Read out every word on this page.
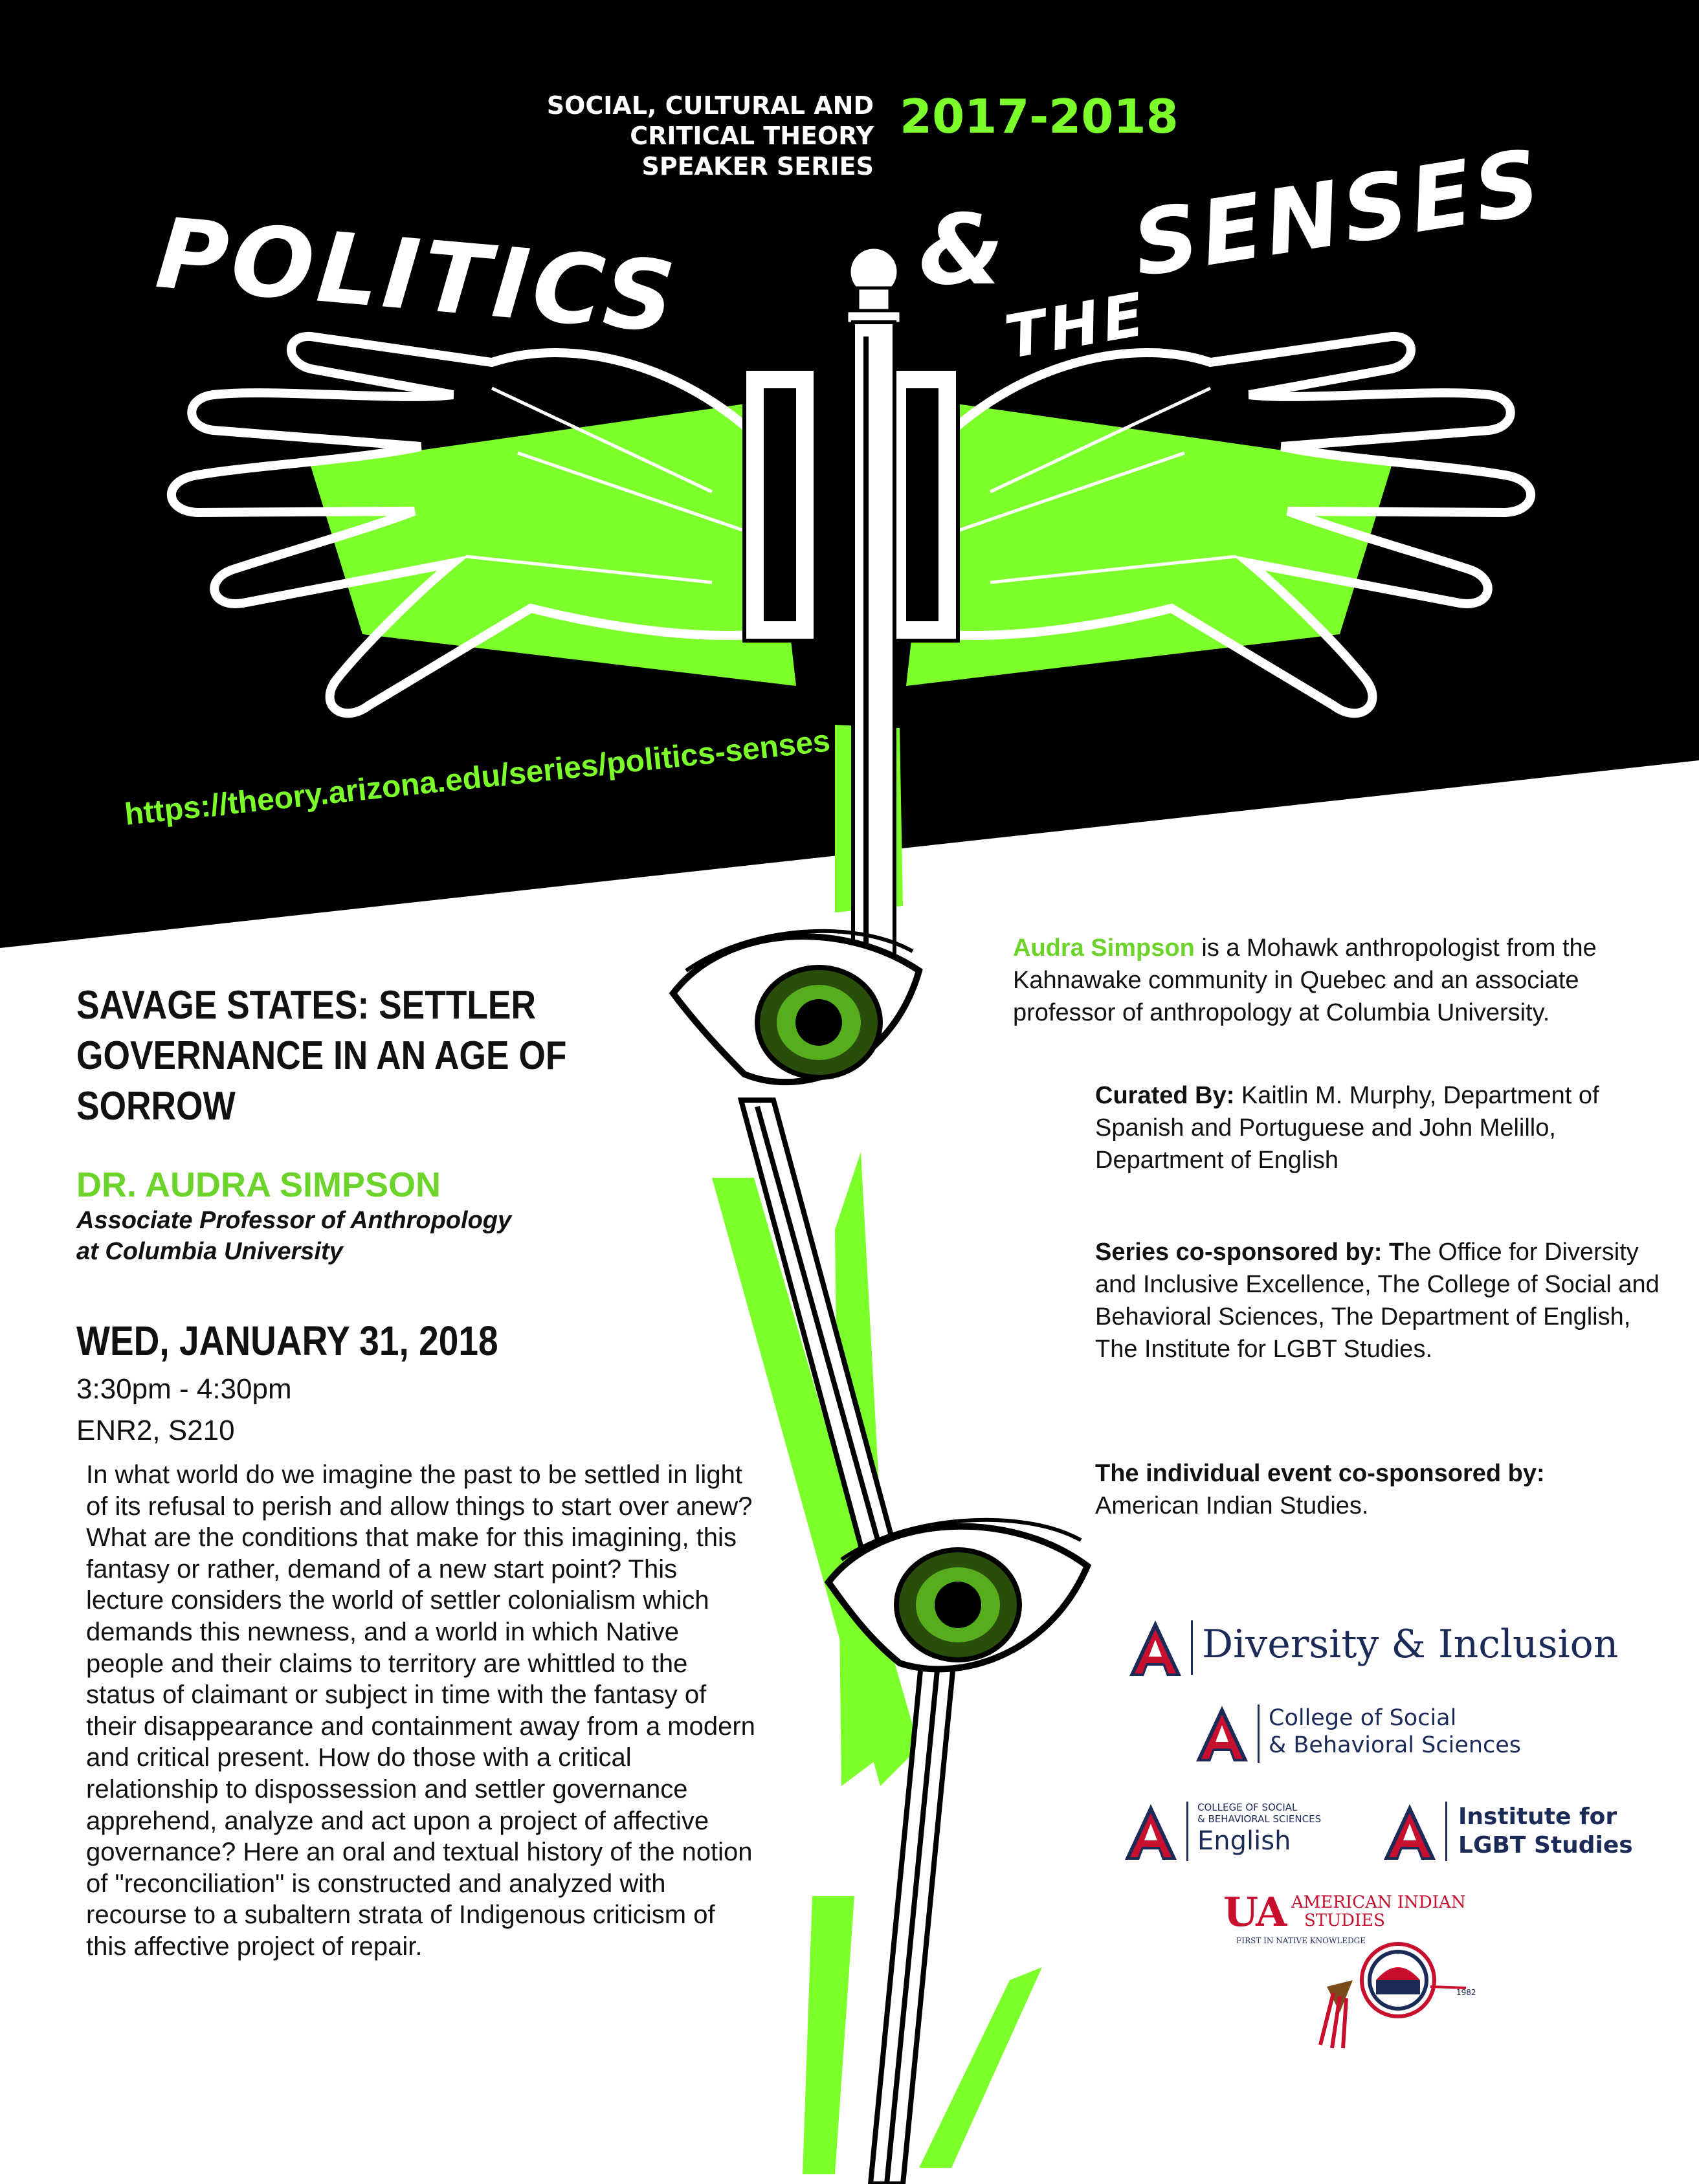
SOCIAL, CULTURAL AND
CRITICAL THEORY
SPEAKER SERIES
2017-2018
POLITICS &
THE
SENSES
https://theory.arizona.edu/series/politics-senses
SAVAGE STATES: SETTLER GOVERNANCE IN AN AGE OF SORROW
DR. AUDRA SIMPSON
Associate Professor of Anthropology
at Columbia University
WED, JANUARY 31, 2018
3:30pm - 4:30pm
ENR2, S210
In what world do we imagine the past to be settled in light of its refusal to perish and allow things to start over anew? What are the conditions that make for this imagining, this fantasy or rather, demand of a new start point? This lecture considers the world of settler colonialism which demands this newness, and a world in which Native people and their claims to territory are whittled to the status of claimant or subject in time with the fantasy of their disappearance and containment away from a modern and critical present. How do those with a critical relationship to dispossession and settler governance apprehend, analyze and act upon a project of affective governance? Here an oral and textual history of the notion of "reconciliation" is constructed and analyzed with recourse to a subaltern strata of Indigenous criticism of this affective project of repair.
Audra Simpson is a Mohawk anthropologist from the Kahnawake community in Quebec and an associate professor of anthropology at Columbia University.
Curated By: Kaitlin M. Murphy, Department of Spanish and Portuguese and John Melillo, Department of English
Series co-sponsored by: The Office for Diversity and Inclusive Excellence, The College of Social and Behavioral Sciences, The Department of English, The Institute for LGBT Studies.
The individual event co-sponsored by:
American Indian Studies.
Diversity & Inclusion
College of Social
& Behavioral Sciences
COLLEGE OF SOCIAL
& BEHAVIORAL SCIENCES
English
Institute for
LGBT Studies
UA AMERICAN INDIAN
STUDIES
FIRST IN NATIVE KNOWLEDGE
1982
